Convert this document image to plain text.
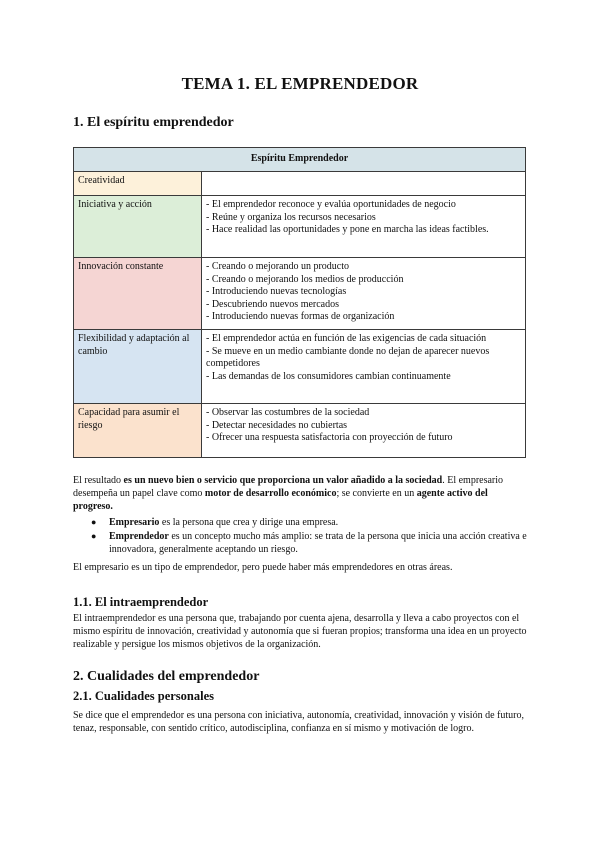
TEMA 1. EL EMPRENDEDOR
1. El espíritu emprendedor
Espíritu Emprendedor	
Creatividad	
Iniciativa y acción	- El emprendedor reconoce y evalúa oportunidades de negocio
- Reúne y organiza los recursos necesarios
- Hace realidad las oportunidades y pone en marcha las ideas factibles.

Innovación constante	- Creando o mejorando un producto
- Creando o mejorando los medios de producción
- Introduciendo nuevas tecnologías
- Descubriendo nuevos mercados
- Introduciendo nuevas formas de organización

Flexibilidad y adaptación al cambio	- El emprendedor actúa en función de las exigencias de cada situación
- Se mueve en un medio cambiante donde no dejan de aparecer nuevos competidores
- Las demandas de los consumidores cambian continuamente

Capacidad para asumir el riesgo	- Observar las costumbres de la sociedad
- Detectar necesidades no cubiertas
- Ofrecer una respuesta satisfactoria con proyección de futuro

El resultado es un nuevo bien o servicio que proporciona un valor añadido a la sociedad. El empresario desempeña un papel clave como motor de desarrollo económico; se convierte en un agente activo del progreso.

●	Empresario es la persona que crea y dirige una empresa.
●	Emprendedor es un concepto mucho más amplio: se trata de la persona que inicia una acción creativa e innovadora, generalmente aceptando un riesgo.

El empresario es un tipo de emprendedor, pero puede haber más emprendedores en otras áreas.

1.1. El intraemprendedor

El intraemprendedor es una persona que, trabajando por cuenta ajena, desarrolla y lleva a cabo proyectos con el mismo espíritu de innovación, creatividad y autonomía que si fueran propios; transforma una idea en un proyecto realizable y persigue los mismos objetivos de la organización.

2. Cualidades del emprendedor
2.1. Cualidades personales

Se dice que el emprendedor es una persona con iniciativa, autonomía, creatividad, innovación y visión de futuro, tenaz, responsable, con sentido crítico, autodisciplina, confianza en sí mismo y motivación de logro.
